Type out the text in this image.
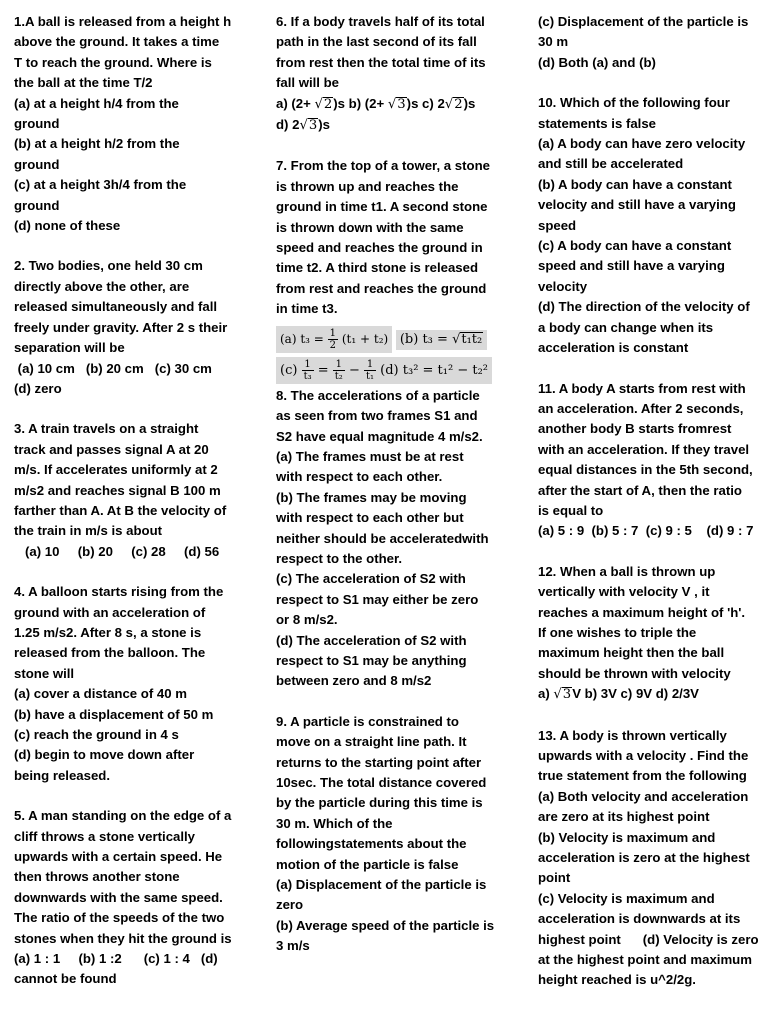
1.A ball is released from a height h

above the ground. It takes a time

T to reach the ground. Where is

the ball at the time T/2

(a) at a height h/4 from the

ground

(b) at a height h/2 from the

ground

(c) at a height 3h/4 from the

ground

(d) none of these

2. Two bodies, one held 30 cm

directly above the other, are

released simultaneously and fall

freely under gravity. After 2 s their

separation will be

(a) 10 cm   (b) 20 cm   (c) 30 cm

(d) zero

3. A train travels on a straight

track and passes signal A at 20

m/s. If accelerates uniformly at 2

m/s2 and reaches signal B 100 m

farther than A. At B the velocity of

the train in m/s is about

(a) 10     (b) 20     (c) 28     (d) 56

4. A balloon starts rising from the

ground with an acceleration of

1.25 m/s2. After 8 s, a stone is

released from the balloon. The

stone will

(a) cover a distance of 40 m

(b) have a displacement of 50 m

(c) reach the ground in 4 s

(d) begin to move down after

being released.

5. A man standing on the edge of a

cliff throws a stone vertically

upwards with a certain speed. He

then throws another stone

downwards with the same speed.

The ratio of the speeds of the two

stones when they hit the ground is

(a) 1 : 1     (b) 1 :2      (c) 1 : 4   (d)

cannot be found

6. If a body travels half of its total

path in the last second of its fall

from rest then the total time of its

fall will be

a) (2+ √2)s b) (2+ √3)s c) 2√2)s

d) 2√3)s

7. From the top of a tower, a stone

is thrown up and reaches the

ground in time t1. A second stone

is thrown down with the same

speed and reaches the ground in

time t2. A third stone is released

from rest and reaches the ground

in time t3.

(a) $t_3 = \frac{1}{2} (t_1 + t_2)$ (b) t₃ = √t₁t₂
$(c) \frac{1}{\text{t₃}} = \frac{1}{\text{t₂}} - \frac{1}{\text{t₁}} (d) t_3^2 = t_1^2 - t_2^2$

8. The accelerations of a particle

as seen from two frames S1 and

S2 have equal magnitude 4 m/s2.

(a) The frames must be at rest

with respect to each other.

(b) The frames may be moving

with respect to each other but

neither should be acceleratedwith

respect to the other.

(c) The acceleration of S2 with

respect to S1 may either be zero

or 8 m/s2.

(d) The acceleration of S2 with

respect to S1 may be anything

between zero and 8 m/s2

9. A particle is constrained to

move on a straight line path. It

returns to the starting point after

10sec. The total distance covered

by the particle during this time is

30 m. Which of the

followingstatements about the

motion of the particle is false

(a) Displacement of the particle is

zero

(b) Average speed of the particle is

3 m/s

(c) Displacement of the particle is

30 m

(d) Both (a) and (b)

10. Which of the following four

statements is false

(a) A body can have zero velocity

and still be accelerated

(b) A body can have a constant

velocity and still have a varying

speed

(c) A body can have a constant

speed and still have a varying

velocity

(d) The direction of the velocity of

a body can change when its

acceleration is constant

11. A body A starts from rest with

an acceleration. After 2 seconds,

another body B starts fromrest

with an acceleration. If they travel

equal distances in the 5th second,

after the start of A, then the ratio

is equal to

(a) 5 : 9  (b) 5 : 7  (c) 9 : 5    (d) 9 : 7

12. When a ball is thrown up

vertically with velocity V , it

reaches a maximum height of 'h'.

If one wishes to triple the

maximum height then the ball

should be thrown with velocity

a) √3V b) 3V c) 9V d) 2/3V

13. A body is thrown vertically

upwards with a velocity . Find the

true statement from the following

(a) Both velocity and acceleration

are zero at its highest point

(b) Velocity is maximum and

acceleration is zero at the highest

point

(c) Velocity is maximum and

acceleration is downwards at its

highest point      (d) Velocity is zero

at the highest point and maximum

height reached is u^2/2g.
